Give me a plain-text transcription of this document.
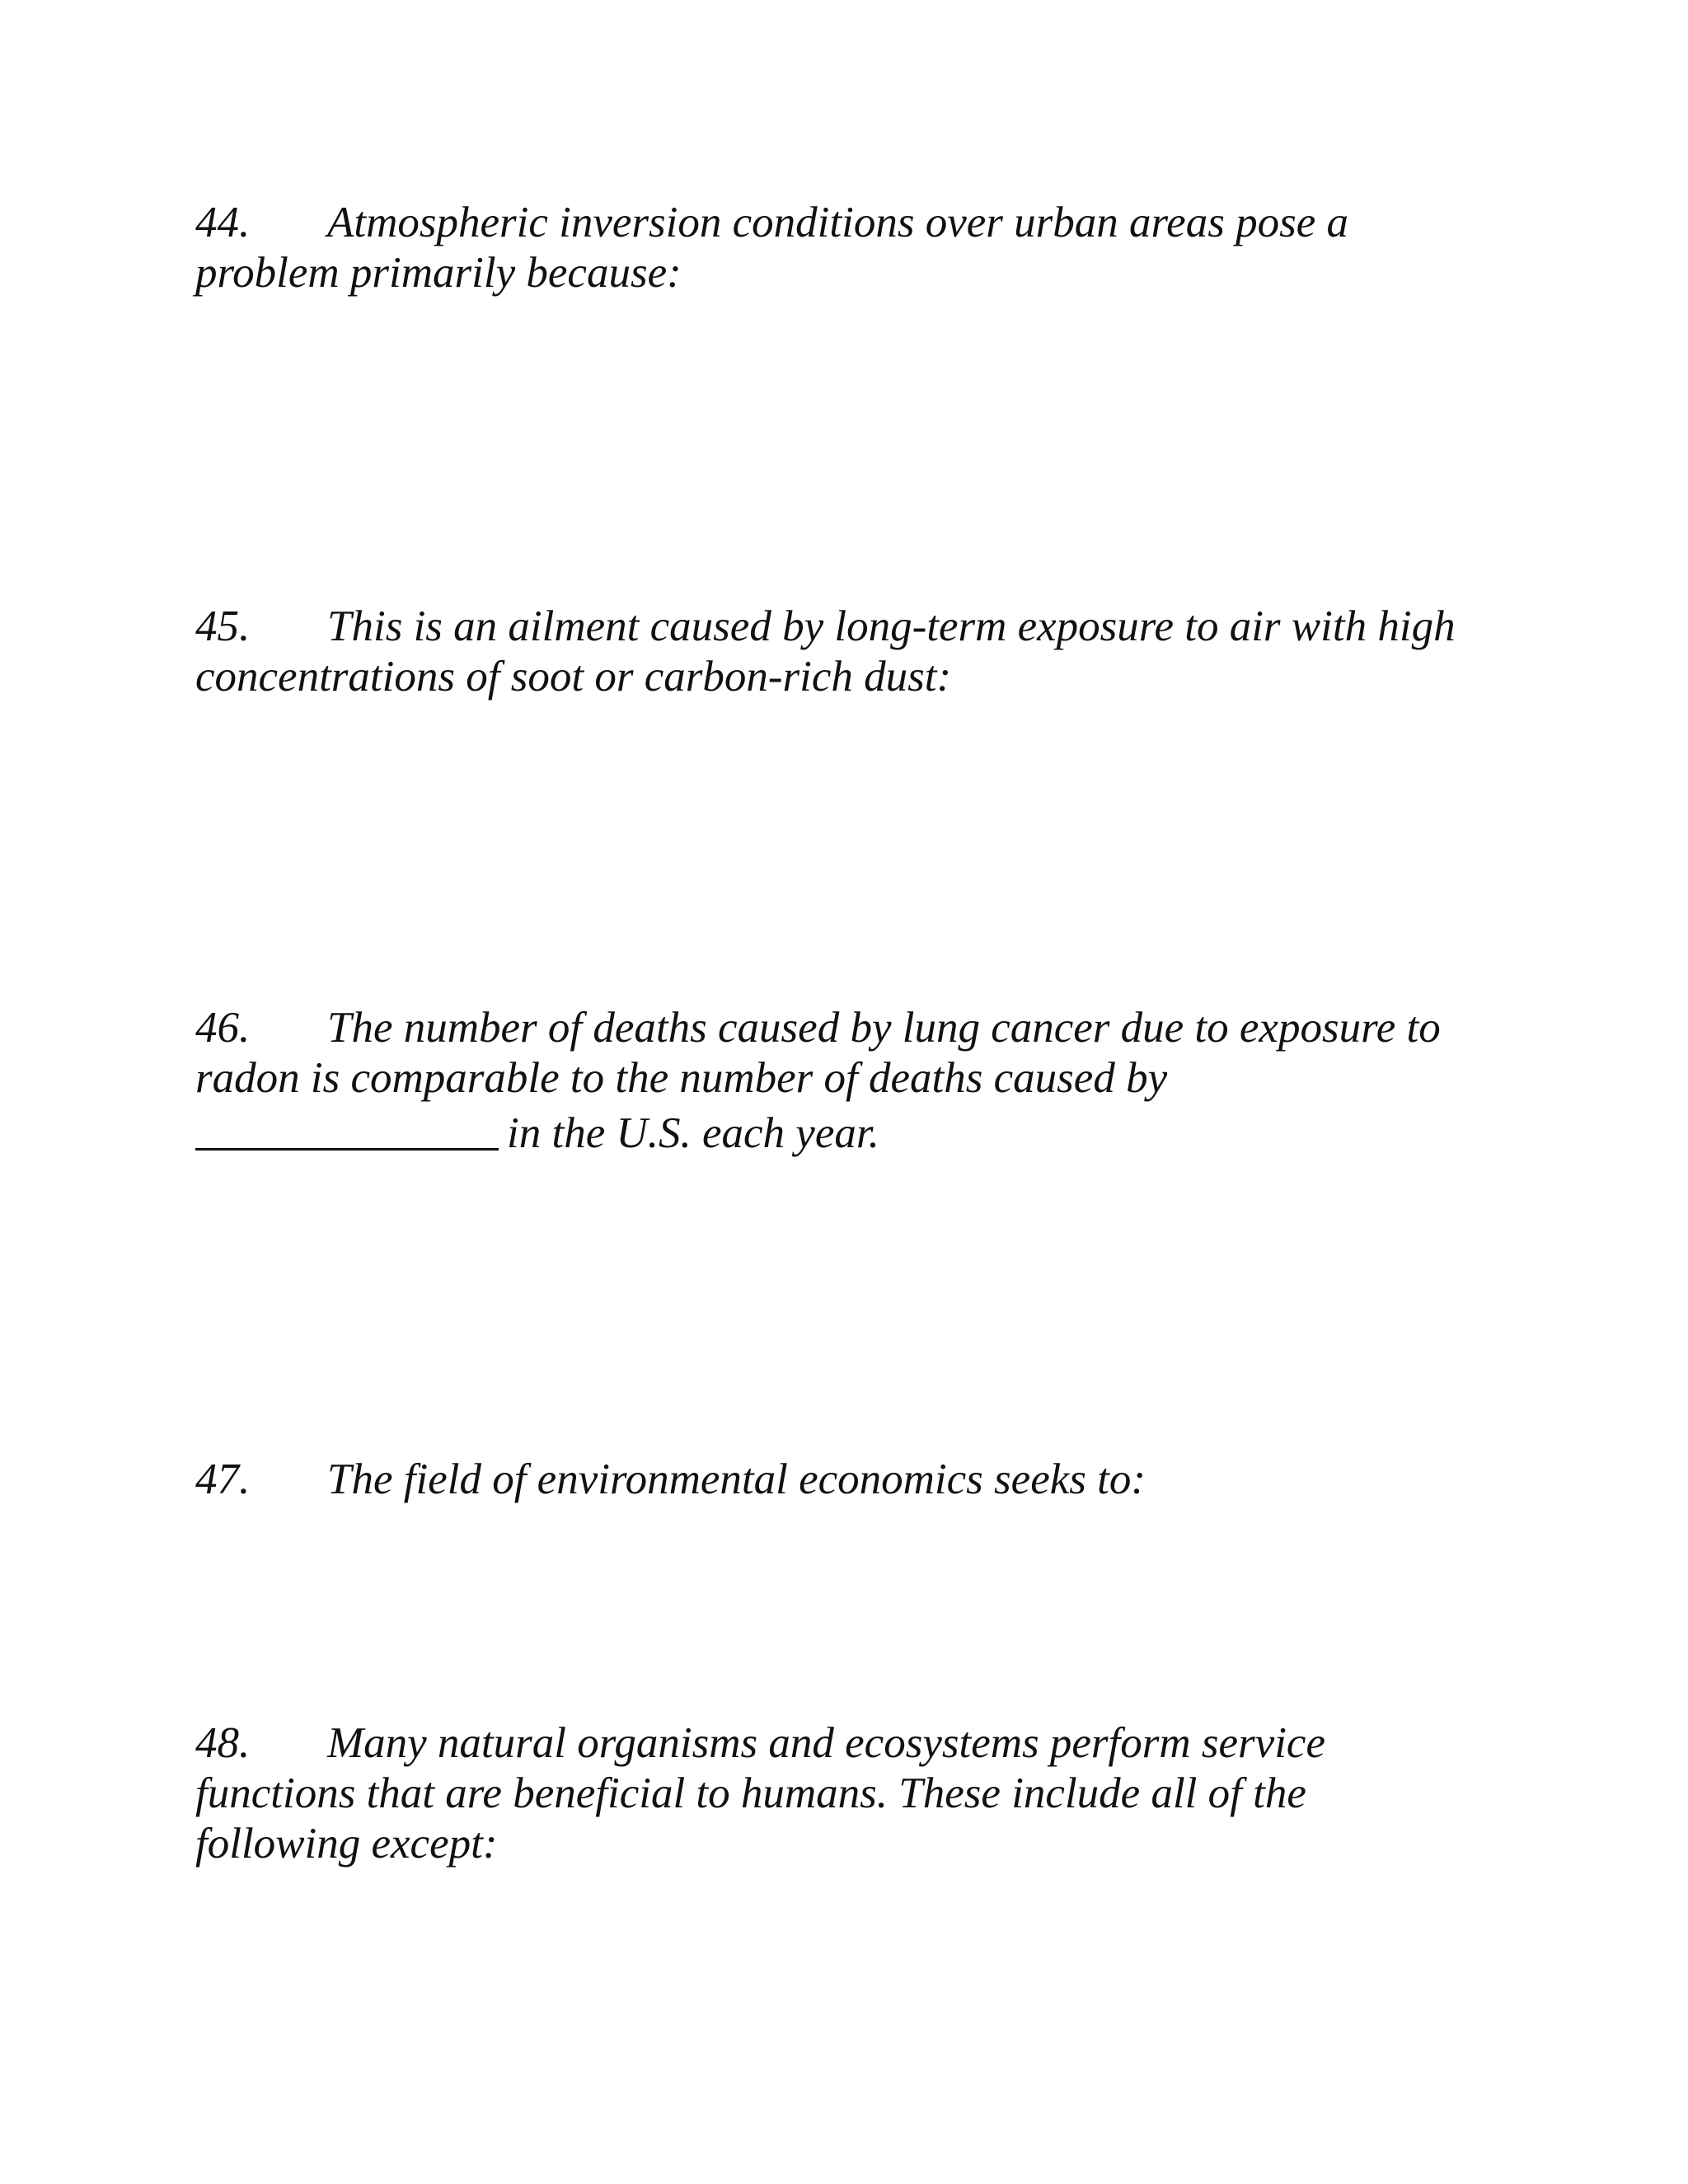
44. Atmospheric inversion conditions over urban areas pose a
problem primarily because:
45. This is an ailment caused by long-term exposure to air with high
concentrations of soot or carbon-rich dust:
46. The number of deaths caused by lung cancer due to exposure to
radon is comparable to the number of deaths caused by
in the U.S. each year.
47. The field of environmental economics seeks to:
48. Many natural organisms and ecosystems perform service
functions that are beneficial to humans. These include all of the
following except:
